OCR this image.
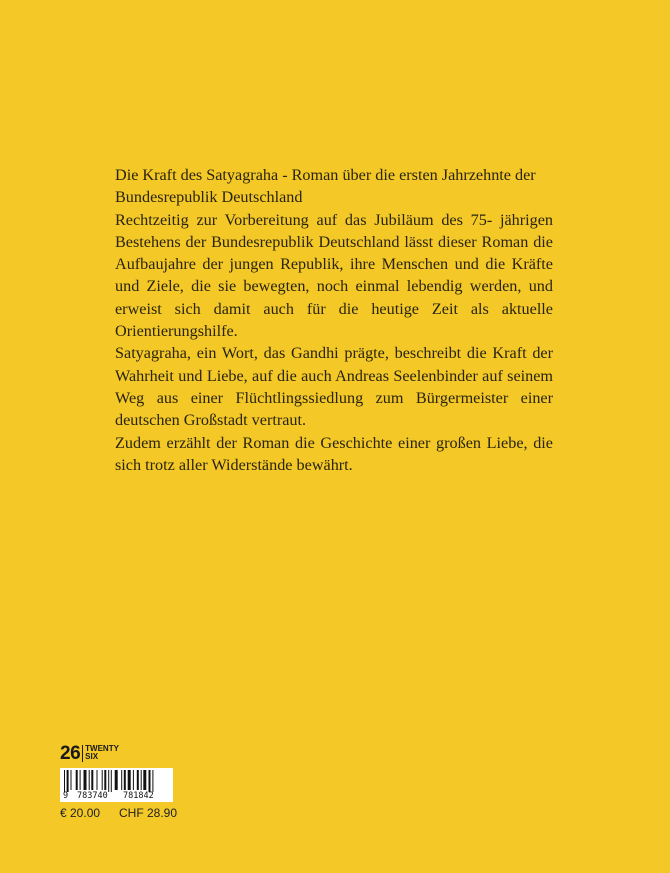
Die Kraft des Satyagraha - Roman über die ersten Jahrzehnte der Bundesrepublik Deutschland

Rechtzeitig zur Vorbereitung auf das Jubiläum des 75- jährigen Bestehens der Bundesrepublik Deutschland lässt dieser Roman die Aufbaujahre der jungen Republik, ihre Menschen und die Kräfte und Ziele, die sie bewegten, noch einmal lebendig werden, und erweist sich damit auch für die heutige Zeit als aktuelle Orientierungshilfe.

Satyagraha, ein Wort, das Gandhi prägte, beschreibt die Kraft der Wahrheit und Liebe, auf die auch Andreas Seelenbinder auf seinem Weg aus einer Flüchtlingssiedlung zum Bürgermeister einer deutschen Großstadt vertraut.

Zudem erzählt der Roman die Geschichte einer großen Liebe, die sich trotz aller Widerstände bewährt.

26 TWENTY
SIX
9 783740 781842
€ 20.00 CHF 28.90
